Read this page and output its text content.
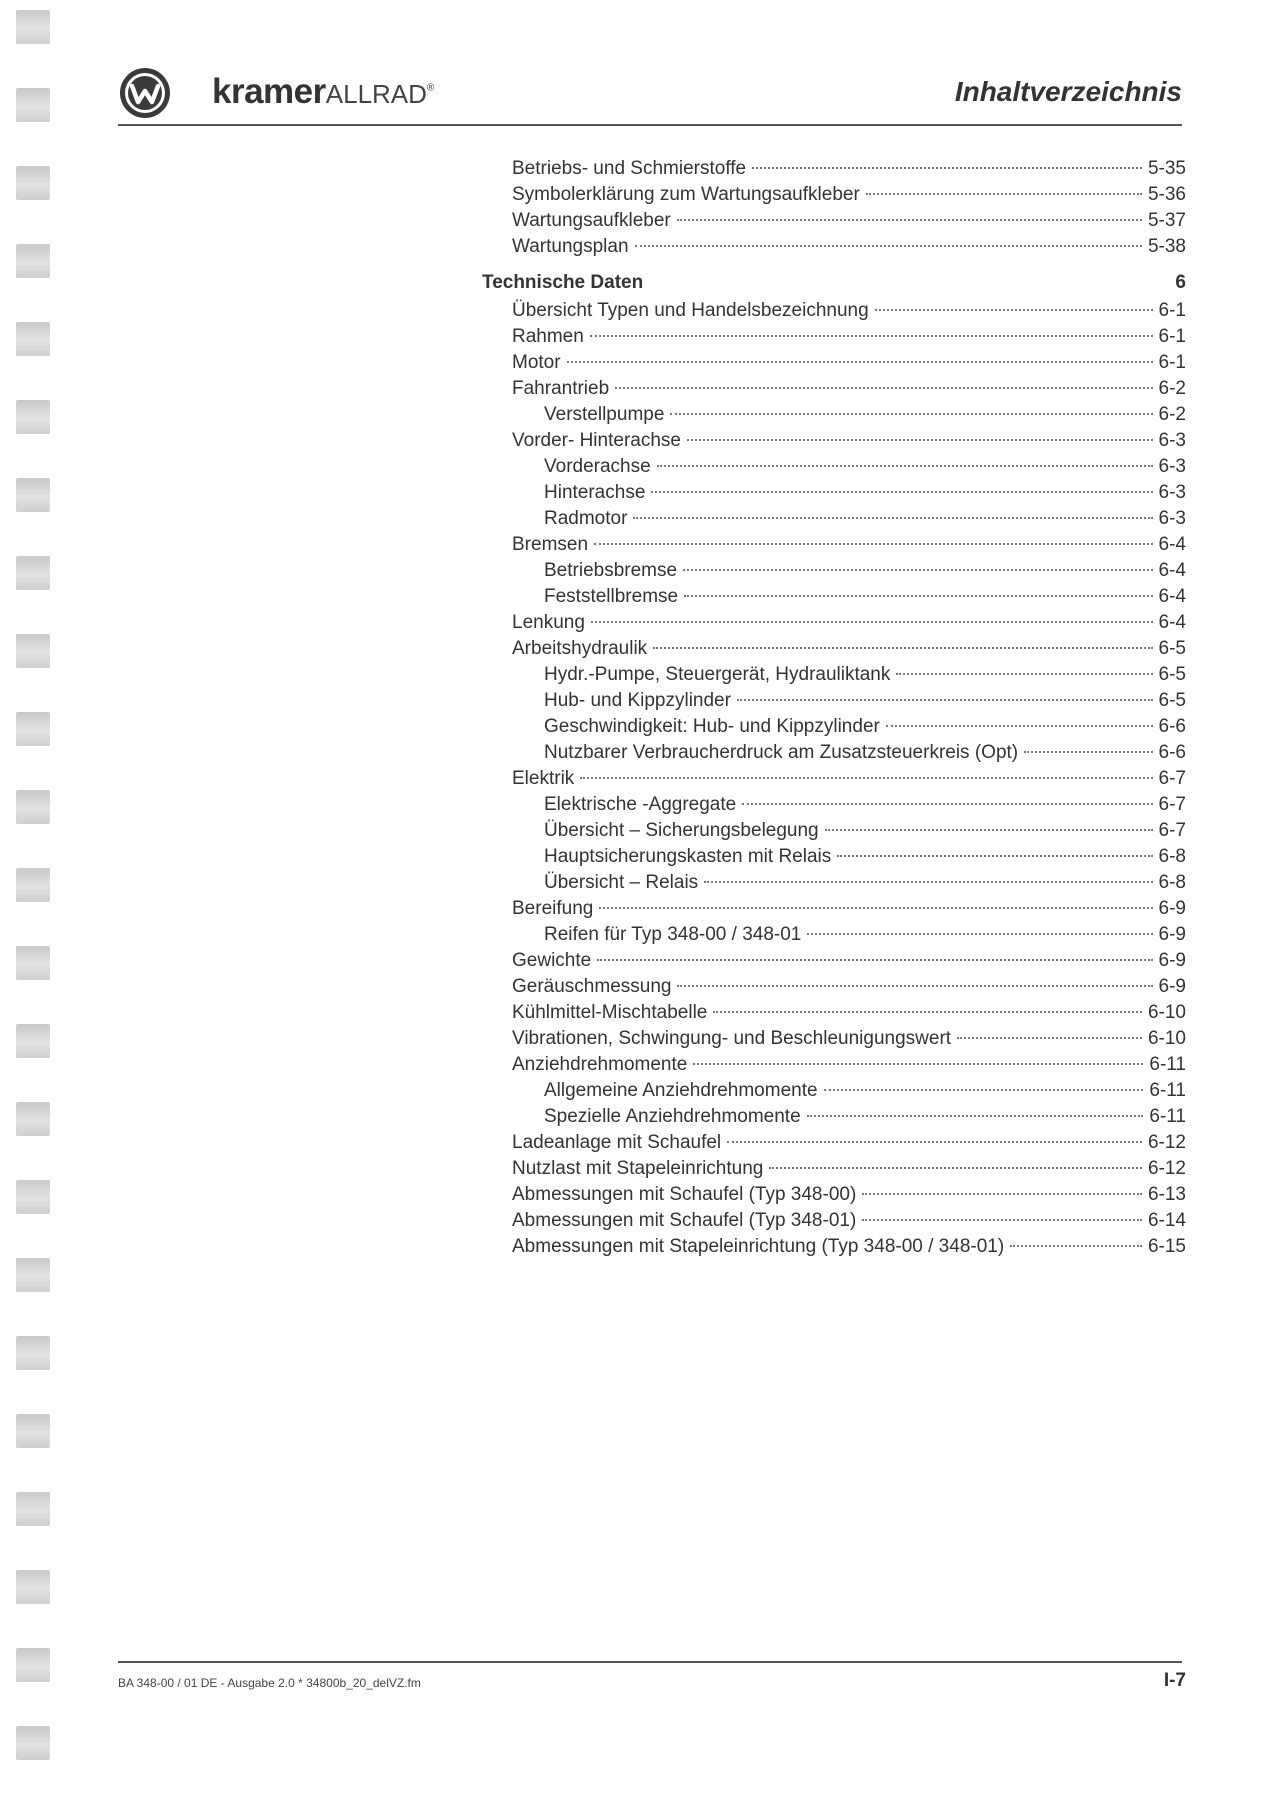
kramerALLRAD®	Inhaltverzeichnis
Betriebs- und Schmierstoffe	5-35
Symbolerklärung zum Wartungsaufkleber	5-36
Wartungsaufkleber	5-37
Wartungsplan	5-38
Technische Daten	6
Übersicht Typen und Handelsbezeichnung	6-1
Rahmen	6-1
Motor	6-1
Fahrantrieb	6-2
Verstellpumpe	6-2
Vorder- Hinterachse	6-3
Vorderachse	6-3
Hinterachse	6-3
Radmotor	6-3
Bremsen	6-4
Betriebsbremse	6-4
Feststellbremse	6-4
Lenkung	6-4
Arbeitshydraulik	6-5
Hydr.-Pumpe, Steuergerät, Hydrauliktank	6-5
Hub- und Kippzylinder	6-5
Geschwindigkeit: Hub- und Kippzylinder	6-6
Nutzbarer Verbraucherdruck am Zusatzsteuerkreis (Opt)	6-6
Elektrik	6-7
Elektrische -Aggregate	6-7
Übersicht – Sicherungsbelegung	6-7
Hauptsicherungskasten mit Relais	6-8
Übersicht – Relais	6-8
Bereifung	6-9
Reifen für Typ 348-00 / 348-01	6-9
Gewichte	6-9
Geräuschmessung	6-9
Kühlmittel-Mischtabelle	6-10
Vibrationen, Schwingung- und Beschleunigungswert	6-10
Anziehdrehmomente	6-11
Allgemeine Anziehdrehmomente	6-11
Spezielle Anziehdrehmomente	6-11
Ladeanlage mit Schaufel	6-12
Nutzlast mit Stapeleinrichtung	6-12
Abmessungen mit Schaufel (Typ 348-00)	6-13
Abmessungen mit Schaufel (Typ 348-01)	6-14
Abmessungen mit Stapeleinrichtung (Typ 348-00 / 348-01)	6-15
BA 348-00 / 01 DE - Ausgabe 2.0 * 34800b_20_delVZ.fm	I-7
